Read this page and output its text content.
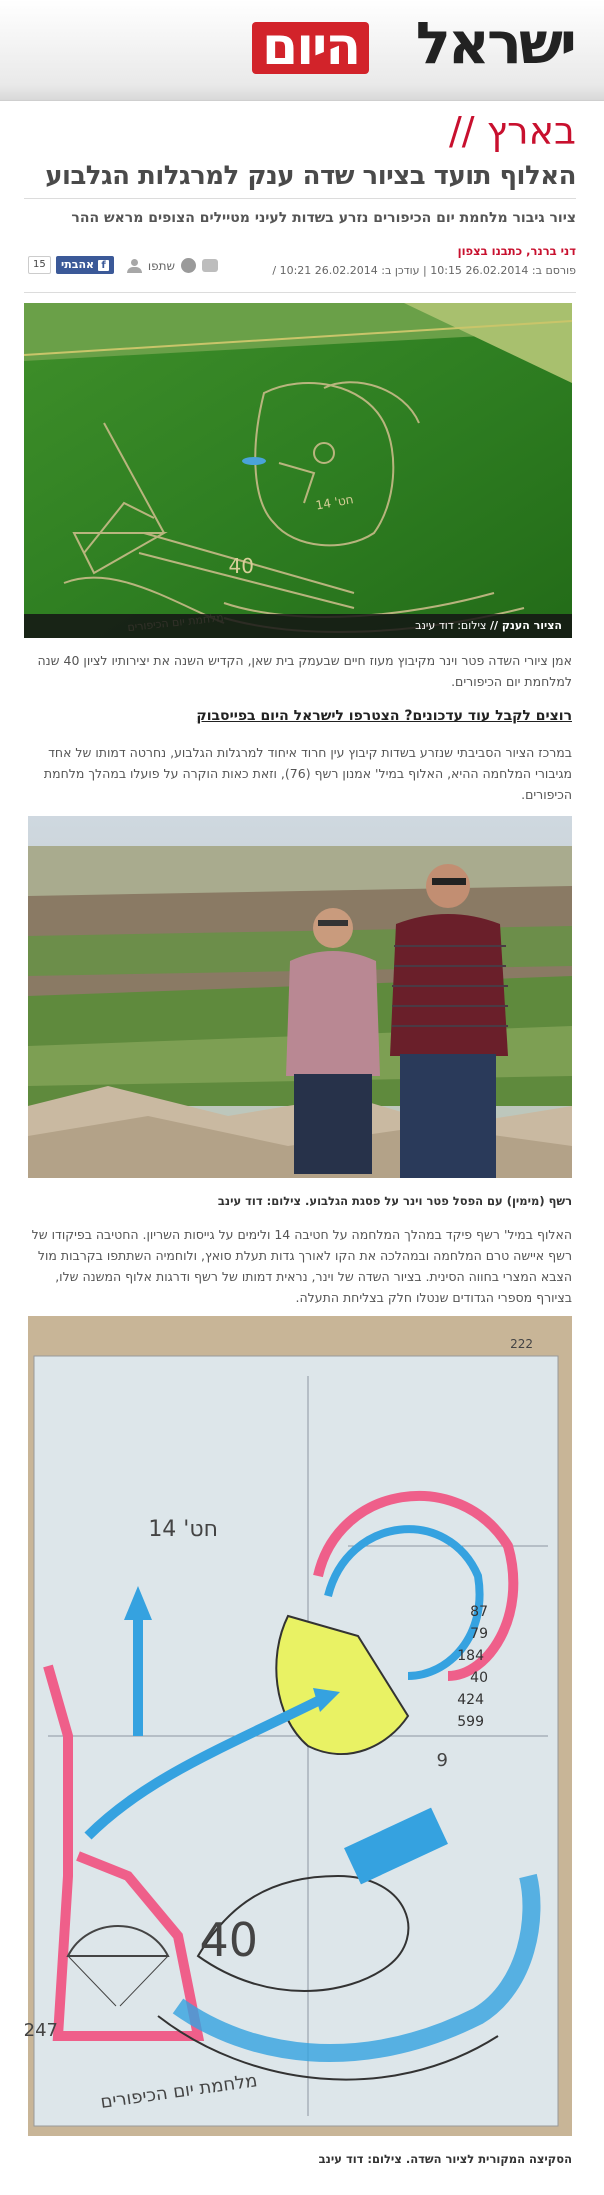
ישראל
היום
בארץ //
האלוף תועד בציור שדה ענק למרגלות הגלבוע
ציור גיבור מלחמת יום הכיפורים נזרע בשדות לעיני מטיילים הצופים מראש ההר
דני ברנר, כתבנו בצפון
פורסם ב: 26.02.2014 10:15 | עודכן ב: 26.02.2014 10:21 /
שתפו
f
אהבתי
15
40
חט' 14
הציור הענק // צילום: דוד עינב
אמן ציורי השדה פטר וינר מקיבוץ מעוז חיים שבעמק בית שאן, הקדיש השנה את יצירותיו לציון 40 שנה למלחמת יום הכיפורים.
רוצים לקבל עוד עדכונים? הצטרפו לישראל היום בפייסבוק
במרכז הציור הסביבתי שנזרע בשדות קיבוץ עין חרוד איחוד למרגלות הגלבוע, נחרטה דמותו של אחד מגיבורי המלחמה ההיא, האלוף במיל' אמנון רשף (76), וזאת כאות הוקרה על פועלו במהלך מלחמת הכיפורים.
רשף (מימין) עם הפסל פטר וינר על פסגת הגלבוע. צילום: דוד עינב
האלוף במיל' רשף פיקד במהלך המלחמה על חטיבה 14 ולימים על גייסות השריון. החטיבה בפיקודו של רשף איישה טרם המלחמה ובמהלכה את הקו לאורך גדות תעלת סואץ, ולוחמיה השתתפו בקרבות מול הצבא המצרי בחווה הסינית. בציור השדה של וינר, נראית דמותו של רשף ודרגות אלוף המשנה שלו, בציורף מספרי הגדודים שנטלו חלק בצליחת התעלה.
חט' 14
40
247
9
מלחמת יום הכיפורים
222
87
79
184
40
424
599
הסקיצה המקורית לציור השדה. צילום: דוד עינב
